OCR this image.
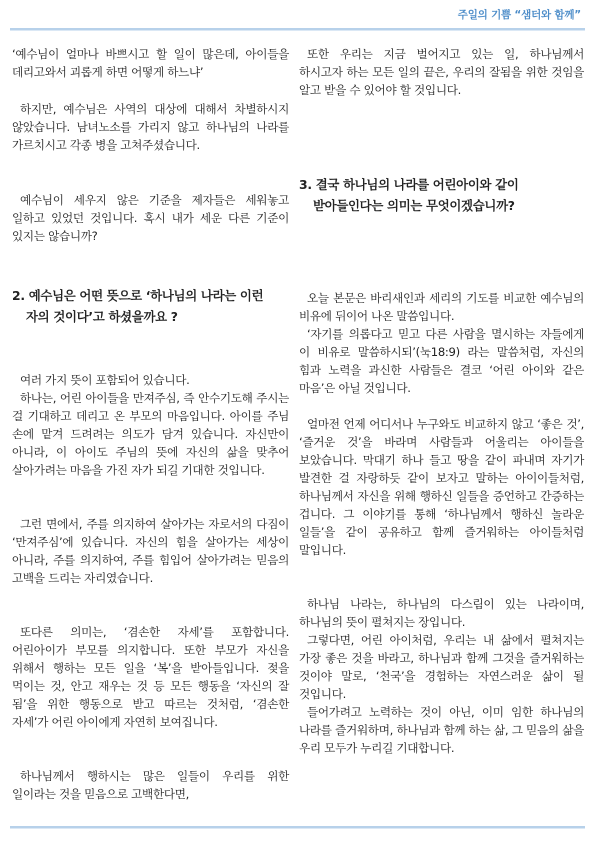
주일의 기쁨 “샘터와 함께”

‘예수님이 얼마나 바쁘시고 할 일이 많은데, 아이들을 데리고와서 괴롭게 하면 어떻게 하느냐’

하지만, 예수님은 사역의 대상에 대해서 차별하시지 않았습니다. 남녀노소를 가리지 않고 하나님의 나라를 가르치시고 각종 병을 고쳐주셨습니다.

예수님이 세우지 않은 기준을 제자들은 세워놓고 일하고 있었던 것입니다. 혹시 내가 세운 다른 기준이 있지는 않습니까?

2. 예수님은 어떤 뜻으로 ‘하나님의 나라는 이런 자의 것이다’고 하셨을까요 ?

여러 가지 뜻이 포함되어 있습니다.

하나는, 어린 아이들을 만져주심, 즉 안수기도해 주시는 걸 기대하고 데리고 온 부모의 마음입니다. 아이를 주님 손에 맡겨 드려려는 의도가 담겨 있습니다. 자신만이 아니라, 이 아이도 주님의 뜻에 자신의 삶을 맞추어 살아가려는 마음을 가진 자가 되길 기대한 것입니다.

그런 면에서, 주를 의지하여 살아가는 자로서의 다짐이 ‘만져주심’에 있습니다. 자신의 힘을 살아가는 세상이 아니라, 주를 의지하여, 주를 힘입어 살아가려는 믿음의 고백을 드리는 자리였습니다.

또다른 의미는, ‘겸손한 자세’를 포함합니다. 어린아이가 부모를 의지합니다. 또한 부모가 자신을 위해서 행하는 모든 일을 ‘복’을 받아들입니다. 젖을 먹이는 것, 안고 재우는 것 등 모든 행동을 ‘자신의 잘 됨’을 위한 행동으로 받고 따르는 것처럼, ‘겸손한 자세’가 어린 아이에게 자연히 보여집니다.

하나님께서 행하시는 많은 일들이 우리를 위한 일이라는 것을 믿음으로 고백한다면,

또한 우리는 지금 벌어지고 있는 일, 하나님께서 하시고자 하는 모든 일의 끝은, 우리의 잘됨을 위한 것임을 알고 받을 수 있어야 할 것입니다.

3. 결국 하나님의 나라를 어린아이와 같이 받아들인다는 의미는 무엇이겠습니까?

오늘 본문은 바리새인과 세리의 기도를 비교한 예수님의 비유에 뒤이어 나온 말씀입니다.

‘자기를 의롭다고 믿고 다른 사람을 멸시하는 자들에게 이 비유로 말씀하시되’(눅18:9) 라는 말씀처럼, 자신의 힘과 노력을 과신한 사람들은 결코 ‘어린 아이와 같은 마음’은 아닐 것입니다.

얼마전 언제 어디서나 누구와도 비교하지 않고 ‘좋은 것’, ‘즐거운 것’을 바라며 사람들과 어울리는 아이들을 보았습니다. 막대기 하나 들고 땅을 같이 파내며 자기가 발견한 걸 자랑하듯 같이 보자고 말하는 아이이들처럼, 하나님께서 자신을 위해 행하신 일들을 증언하고 간증하는 겁니다. 그 이야기를 통해 ‘하나님께서 행하신 놀라운 일들’을 같이 공유하고 함께 즐거워하는 아이들처럼 말입니다.

하나님 나라는, 하나님의 다스림이 있는 나라이며, 하나님의 뜻이 펼쳐지는 장입니다.

그렇다면, 어린 아이처럼, 우리는 내 삶에서 펼쳐지는 가장 좋은 것을 바라고, 하나님과 함께 그것을 즐거워하는 것이야 말로, ‘천국’을 경험하는 자연스러운 삶이 될 것입니다.

들어가려고 노력하는 것이 아닌, 이미 임한 하나님의 나라를 즐거워하며, 하나님과 함께 하는 삶, 그 믿음의 삶을 우리 모두가 누리길 기대합니다.
